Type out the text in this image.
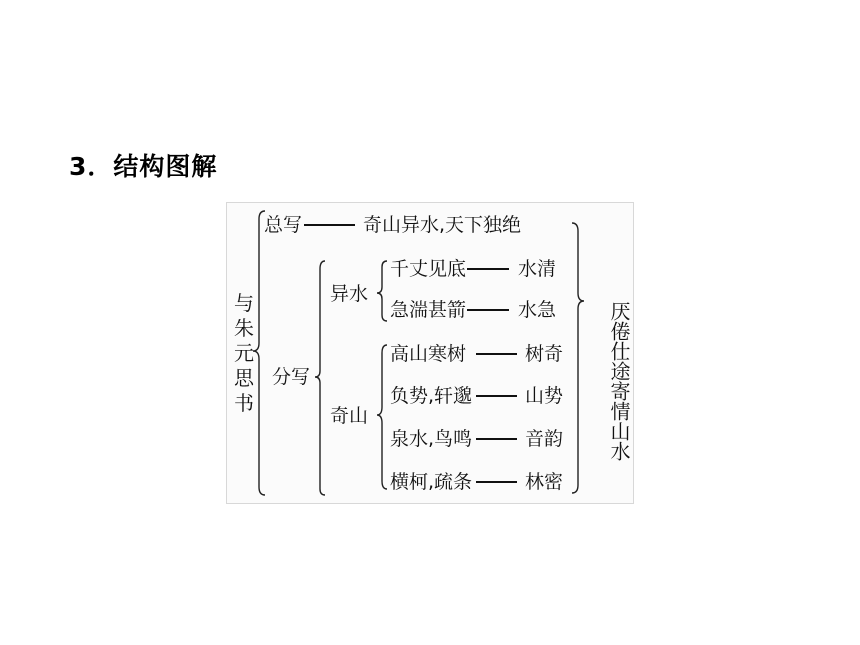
3．结构图解
与
朱
元
思
书
总写	奇山异水,天下独绝
分写
异水
千丈见底	水清
急湍甚箭	水急
奇山
高山寒树	树奇
负势,轩邈	山势
泉水,鸟鸣	音韵
横柯,疏条	林密
厌倦仕途寄情山水
